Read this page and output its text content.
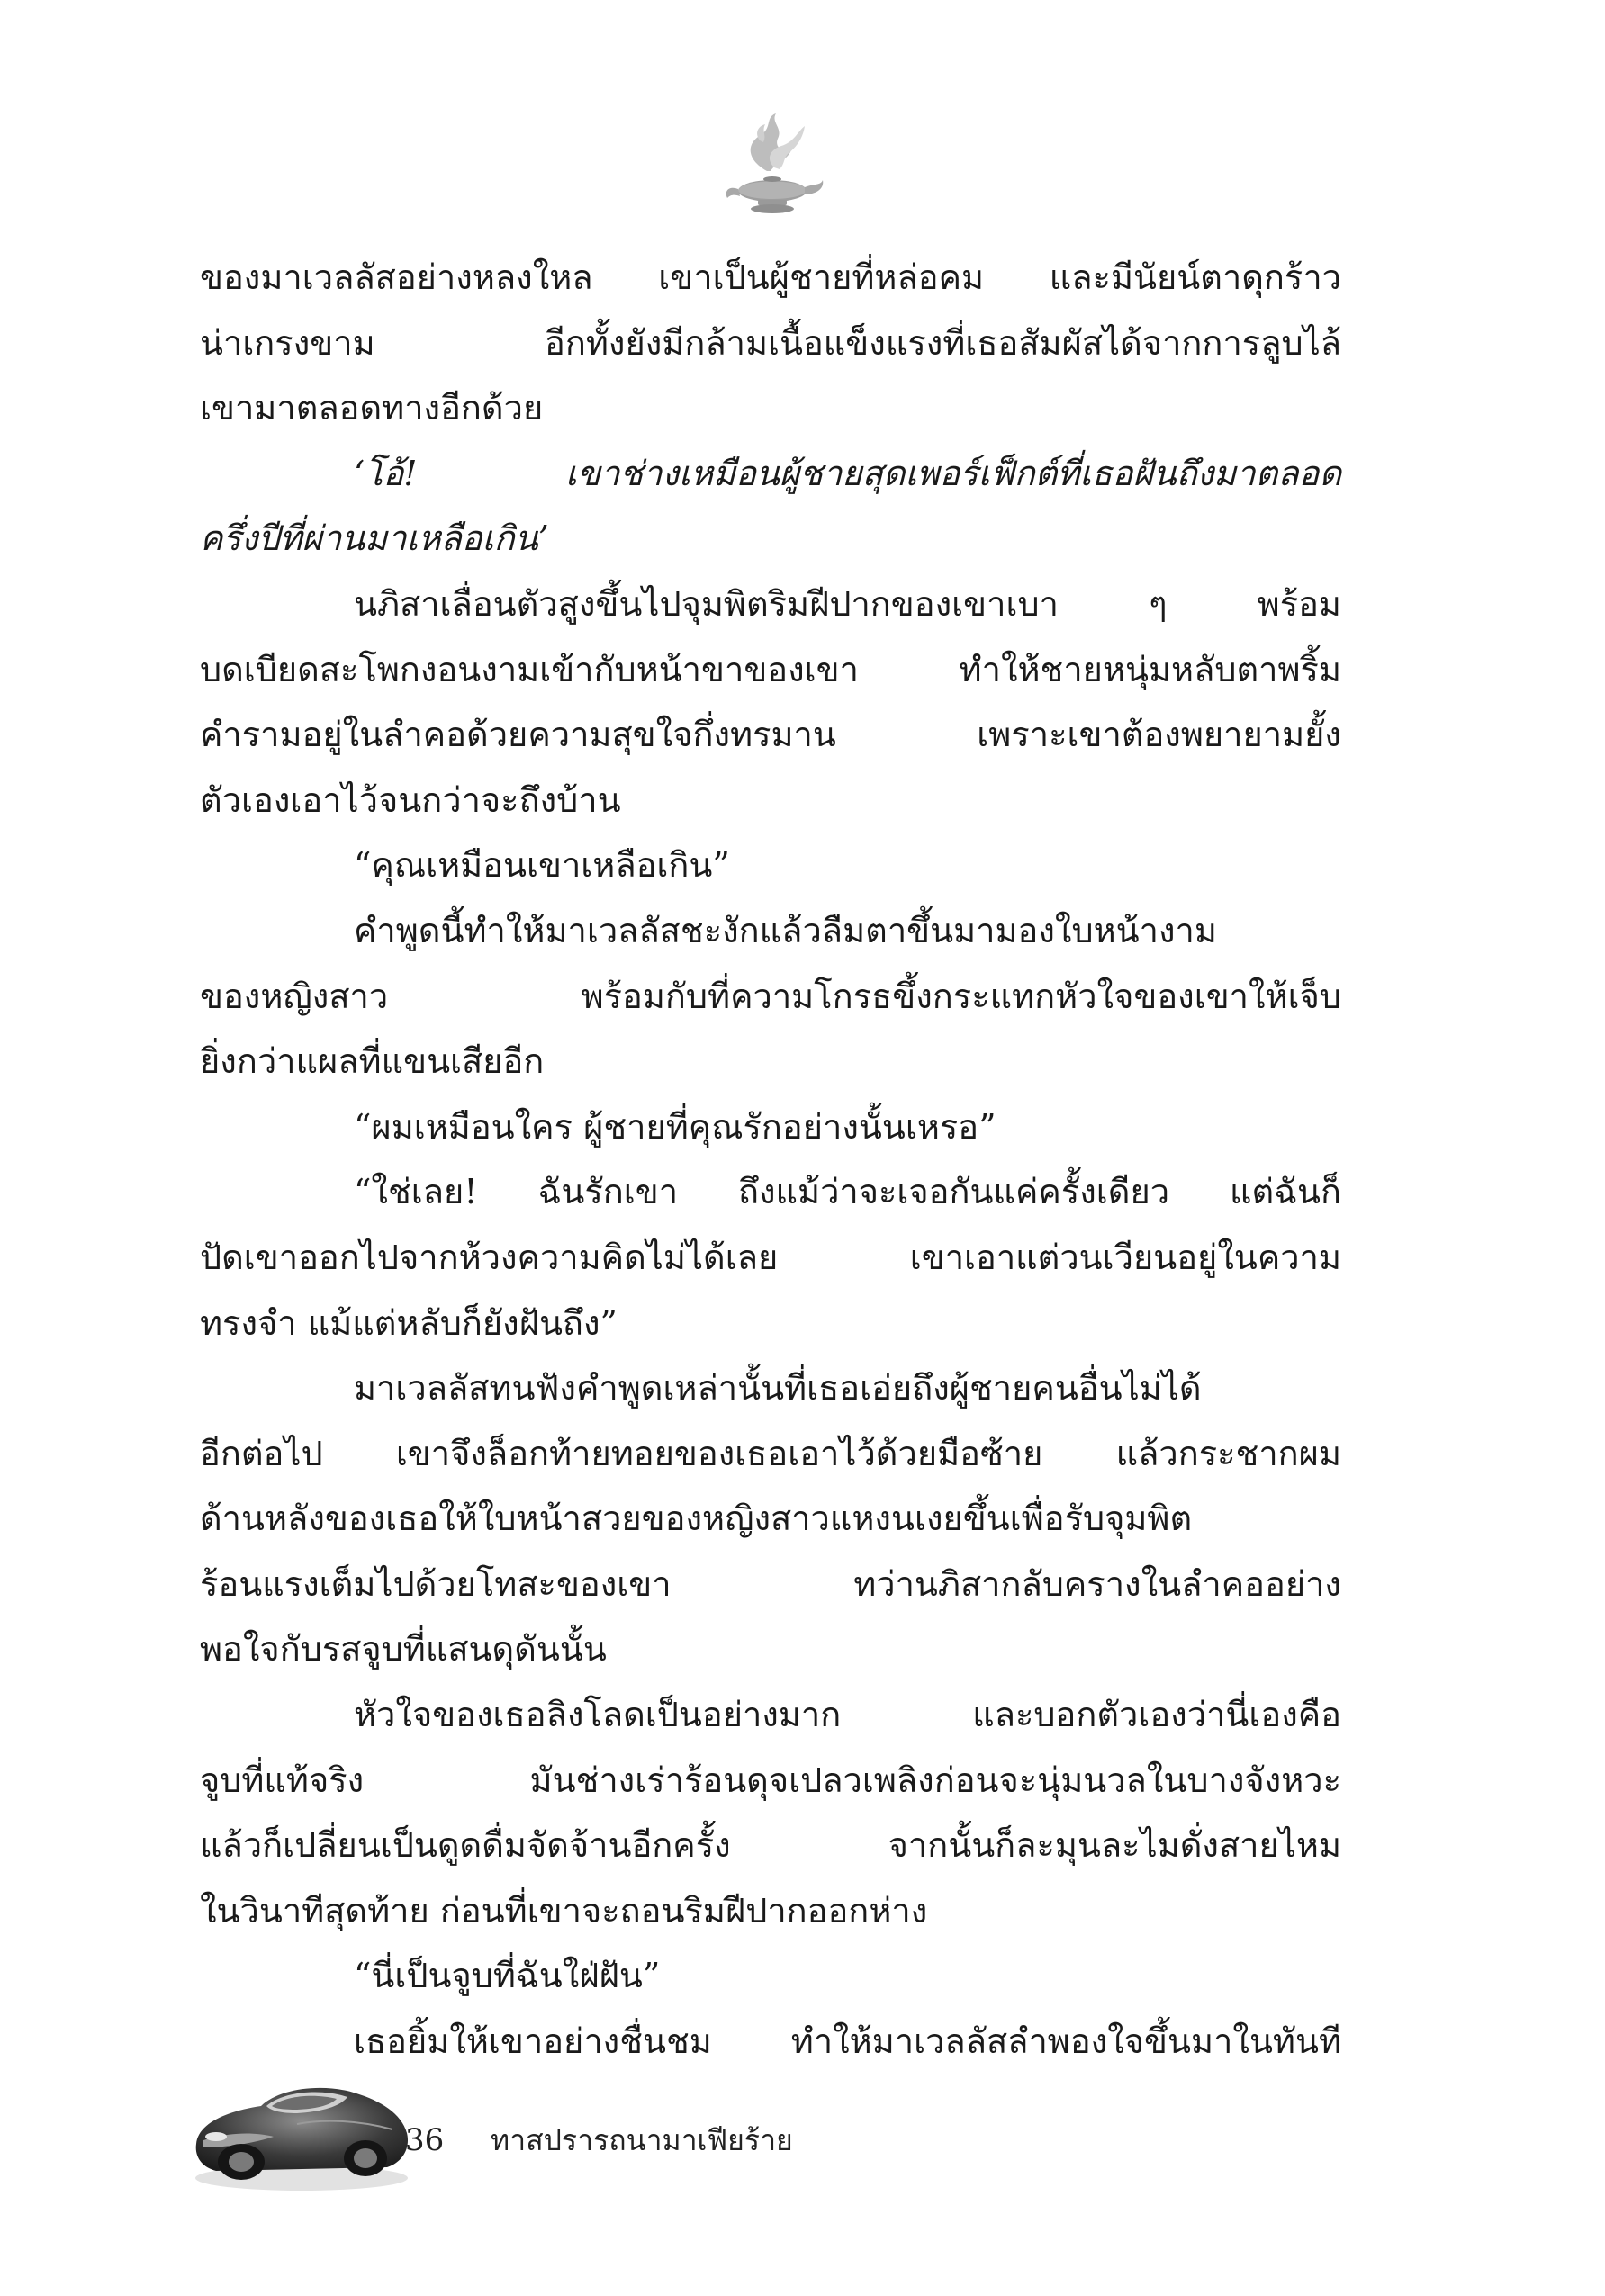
ของมาเวลลัสอย่างหลงใหล เขาเป็นผู้ชายที่หล่อคม และมีนัยน์ตาดุกร้าว
น่าเกรงขาม อีกทั้งยังมีกล้ามเนื้อแข็งแรงที่เธอสัมผัสได้จากการลูบไล้
เขามาตลอดทางอีกด้วย
‘โอ้! เขาช่างเหมือนผู้ชายสุดเพอร์เฟ็กต์ที่เธอฝันถึงมาตลอด
ครึ่งปีที่ผ่านมาเหลือเกิน’
นภิสาเลื่อนตัวสูงขึ้นไปจุมพิตริมฝีปากของเขาเบา ๆ พร้อม
บดเบียดสะโพกงอนงามเข้ากับหน้าขาของเขา ทำให้ชายหนุ่มหลับตาพริ้ม
คำรามอยู่ในลำคอด้วยความสุขใจกึ่งทรมาน เพราะเขาต้องพยายามยั้ง
ตัวเองเอาไว้จนกว่าจะถึงบ้าน
“คุณเหมือนเขาเหลือเกิน”
คำพูดนี้ทำให้มาเวลลัสชะงักแล้วลืมตาขึ้นมามองใบหน้างาม
ของหญิงสาว พร้อมกับที่ความโกรธขึ้งกระแทกหัวใจของเขาให้เจ็บ
ยิ่งกว่าแผลที่แขนเสียอีก
“ผมเหมือนใคร ผู้ชายที่คุณรักอย่างนั้นเหรอ”
“ใช่เลย! ฉันรักเขา ถึงแม้ว่าจะเจอกันแค่ครั้งเดียว แต่ฉันก็
ปัดเขาออกไปจากห้วงความคิดไม่ได้เลย เขาเอาแต่วนเวียนอยู่ในความ
ทรงจำ แม้แต่หลับก็ยังฝันถึง”
มาเวลลัสทนฟังคำพูดเหล่านั้นที่เธอเอ่ยถึงผู้ชายคนอื่นไม่ได้
อีกต่อไป เขาจึงล็อกท้ายทอยของเธอเอาไว้ด้วยมือซ้าย แล้วกระชากผม
ด้านหลังของเธอให้ใบหน้าสวยของหญิงสาวแหงนเงยขึ้นเพื่อรับจุมพิต
ร้อนแรงเต็มไปด้วยโทสะของเขา ทว่านภิสากลับครางในลำคออย่าง
พอใจกับรสจูบที่แสนดุดันนั้น
หัวใจของเธอลิงโลดเป็นอย่างมาก และบอกตัวเองว่านี่เองคือ
จูบที่แท้จริง มันช่างเร่าร้อนดุจเปลวเพลิงก่อนจะนุ่มนวลในบางจังหวะ
แล้วก็เปลี่ยนเป็นดูดดื่มจัดจ้านอีกครั้ง จากนั้นก็ละมุนละไมดั่งสายไหม
ในวินาทีสุดท้าย ก่อนที่เขาจะถอนริมฝีปากออกห่าง
“นี่เป็นจูบที่ฉันใฝ่ฝัน”
เธอยิ้มให้เขาอย่างชื่นชม ทำให้มาเวลลัสลำพองใจขึ้นมาในทันที
36 ทาสปรารถนามาเฟียร้าย
